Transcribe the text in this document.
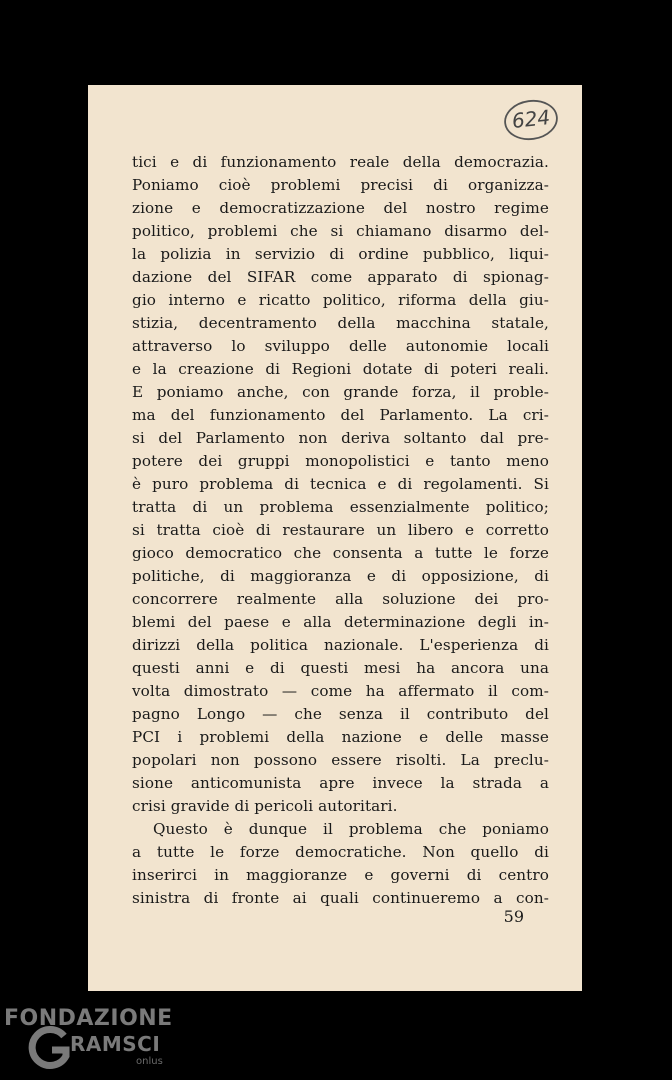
624
tici e di funzionamento reale della democrazia.
Poniamo cioè problemi precisi di organizza-
zione e democratizzazione del nostro regime
politico, problemi che si chiamano disarmo del-
la polizia in servizio di ordine pubblico, liqui-
dazione del SIFAR come apparato di spionag-
gio interno e ricatto politico, riforma della giu-
stizia, decentramento della macchina statale,
attraverso lo sviluppo delle autonomie locali
e la creazione di Regioni dotate di poteri reali.
E poniamo anche, con grande forza, il proble-
ma del funzionamento del Parlamento. La cri-
si del Parlamento non deriva soltanto dal pre-
potere dei gruppi monopolistici e tanto meno
è puro problema di tecnica e di regolamenti. Si
tratta di un problema essenzialmente politico;
si tratta cioè di restaurare un libero e corretto
gioco democratico che consenta a tutte le forze
politiche, di maggioranza e di opposizione, di
concorrere realmente alla soluzione dei pro-
blemi del paese e alla determinazione degli in-
dirizzi della politica nazionale. L'esperienza di
questi anni e di questi mesi ha ancora una
volta dimostrato — come ha affermato il com-
pagno Longo — che senza il contributo del
PCI i problemi della nazione e delle masse
popolari non possono essere risolti. La preclu-
sione anticomunista apre invece la strada a
crisi gravide di pericoli autoritari.
Questo è dunque il problema che poniamo
a tutte le forze democratiche. Non quello di
inserirci in maggioranze e governi di centro
sinistra di fronte ai quali continueremo a con-
59
FONDAZIONE
RAMSCI
onlus
